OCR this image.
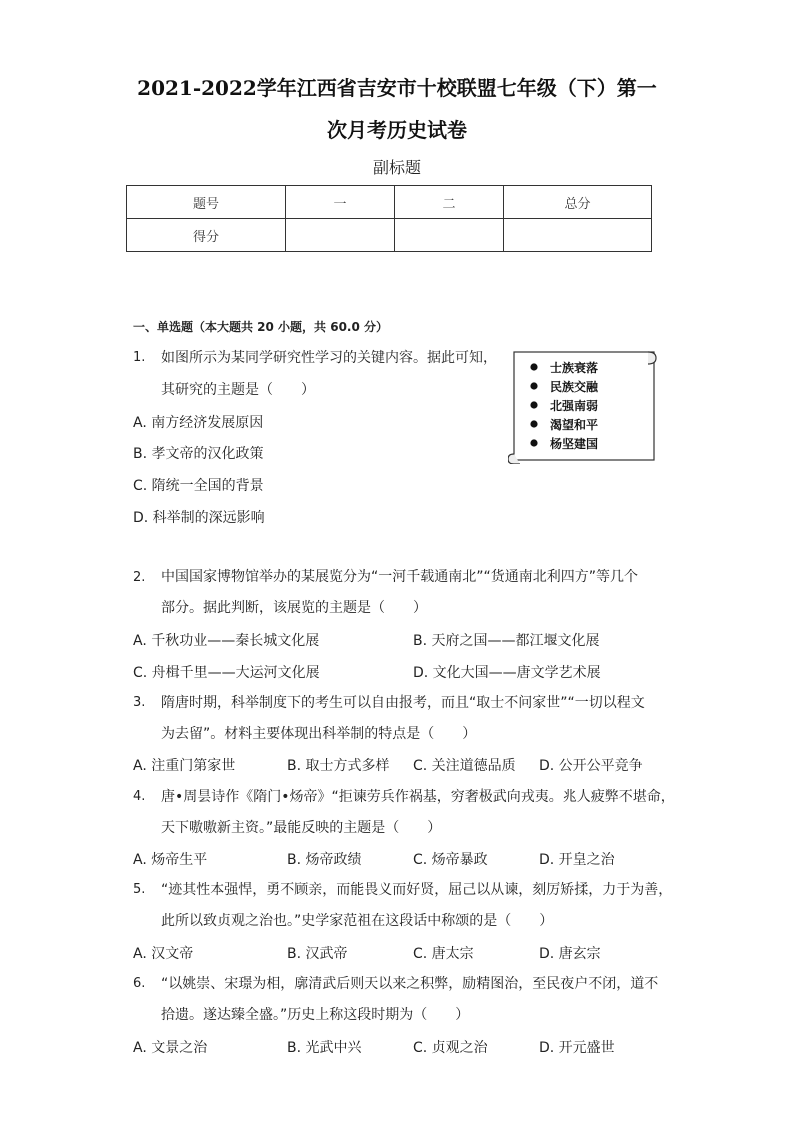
2021-2022学年江西省吉安市十校联盟七年级（下）第一
次月考历史试卷
副标题
题号	一	二	总分
得分			
一、单选题（本大题共 20 小题，共 60.0 分）
士族衰落
民族交融
北强南弱
渴望和平
杨坚建国
1. 如图所示为某同学研究性学习的关键内容。据此可知，
其研究的主题是（　　）
A. 南方经济发展原因
B. 孝文帝的汉化政策
C. 隋统一全国的背景
D. 科举制的深远影响
2. 中国国家博物馆举办的某展览分为“一河千载通南北”“货通南北利四方”等几个
部分。据此判断，该展览的主题是（　　）
A. 千秋功业——秦长城文化展	B. 天府之国——都江堰文化展
C. 舟楫千里——大运河文化展	D. 文化大国——唐文学艺术展
3. 隋唐时期，科举制度下的考生可以自由报考，而且“取士不问家世”“一切以程文
为去留”。材料主要体现出科举制的特点是（　　）
A. 注重门第家世	B. 取士方式多样 C. 关注道德品质 D. 公开公平竞争
4. 唐•周昙诗作《隋门•炀帝》“拒谏劳兵作祸基，穷奢极武向戎夷。兆人疲弊不堪命，
天下嗷嗷新主资。”最能反映的主题是（　　）
A. 炀帝生平	B. 炀帝政绩	C. 炀帝暴政	D. 开皇之治
5. “迹其性本强悍，勇不顾亲，而能畏义而好贤，屈己以从谏，刻厉矫揉，力于为善，
此所以致贞观之治也。”史学家范祖在这段话中称颂的是（　　）
A. 汉文帝	B. 汉武帝	C. 唐太宗	D. 唐玄宗
6. “以姚崇、宋璟为相，廓清武后则天以来之积弊，励精图治，至民夜户不闭，道不
拾遗。遂达臻全盛。”历史上称这段时期为（　　）
A. 文景之治	B. 光武中兴	C. 贞观之治	D. 开元盛世
